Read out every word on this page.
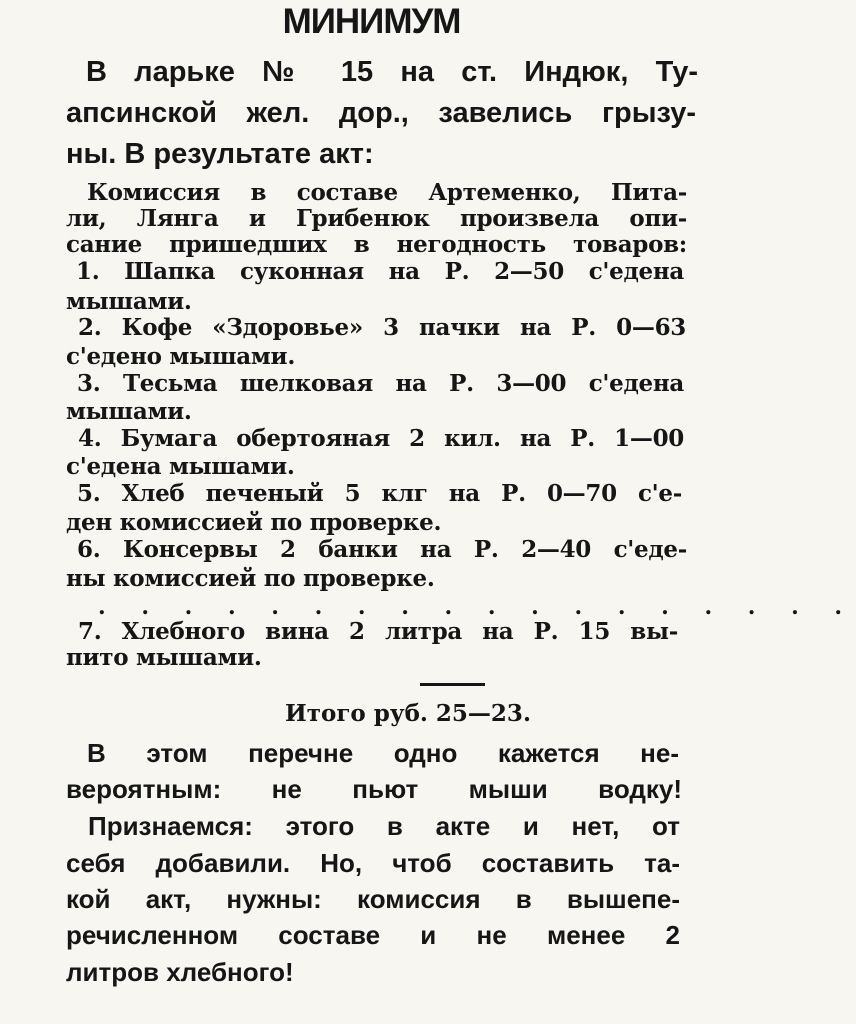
МИНИМУМ
В ларьке № 15 на ст. Индюк, Ту-
апсинской жел. дор., завелись грызу-
ны. В результате акт:
Комиссия в составе Артеменко, Пита-
ли, Лянга и Грибенюк произвела опи-
сание пришедших в негодность товаров:
1. Шапка суконная на Р. 2—50 с'едена
мышами.
2. Кофе «Здоровье» 3 пачки на Р. 0—63
с'едено мышами.
3. Тесьма шелковая на Р. 3—00 с'едена
мышами.
4. Бумага обертояная 2 кил. на Р. 1—00
с'едена мышами.
5. Хлеб печеный 5 клг на Р. 0—70 с'е-
ден комиссией по проверке.
6. Консервы 2 банки на Р. 2—40 с'еде-
ны комиссией по проверке.
. . . . . . . . . . . . . . . . . .
7. Хлебного вина 2 литра на Р. 15 вы-
пито мышами.
Итого руб. 25—23.
В этом перечне одно кажется не-
вероятным: не пьют мыши водку!
Признаемся: этого в акте и нет, от
себя добавили. Но, чтоб составить та-
кой акт, нужны: комиссия в вышепе-
речисленном составе и не менее 2
литров хлебного!
